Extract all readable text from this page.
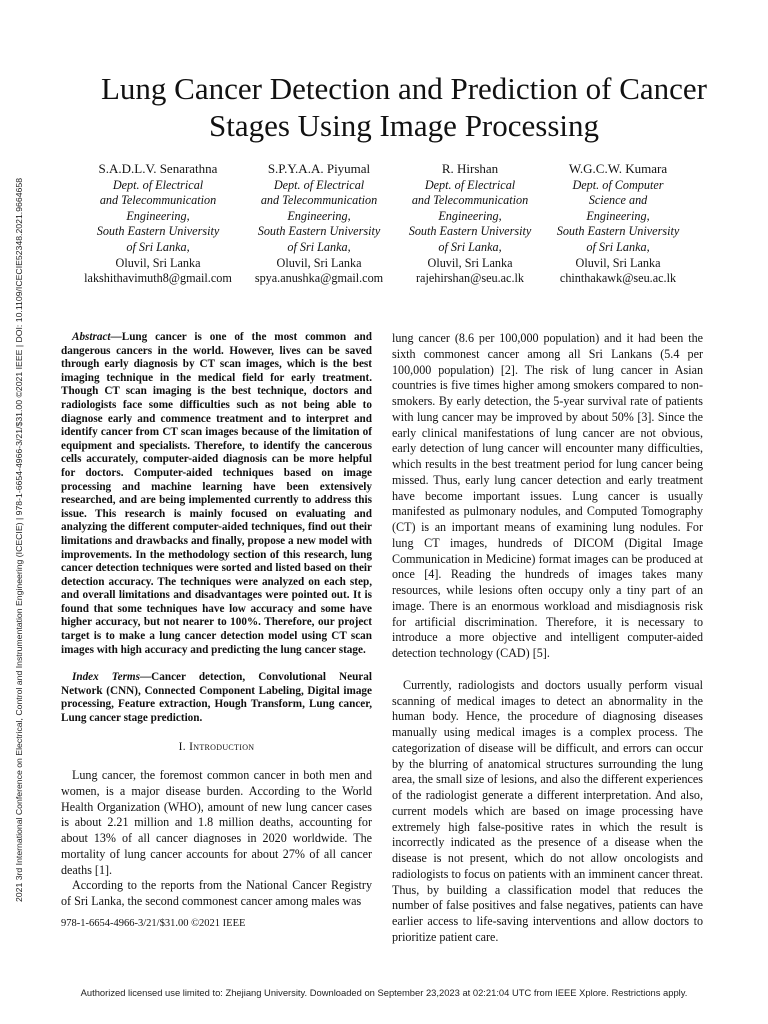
2021 3rd International Conference on Electrical, Control and Instrumentation Engineering (ICECIE) | 978-1-6654-4966-3/21/$31.00 ©2021 IEEE | DOI: 10.1109/ICECIE52348.2021.9664658
Lung Cancer Detection and Prediction of Cancer
Stages Using Image Processing
S.A.D.L.V. Senarathna
Dept. of Electrical
and Telecommunication
Engineering,
South Eastern University
of Sri Lanka,
Oluvil, Sri Lanka
lakshithavimuth8@gmail.com
S.P.Y.A.A. Piyumal
Dept. of Electrical
and Telecommunication
Engineering,
South Eastern University
of Sri Lanka,
Oluvil, Sri Lanka
spya.anushka@gmail.com
R. Hirshan
Dept. of Electrical
and Telecommunication
Engineering,
South Eastern University
of Sri Lanka,
Oluvil, Sri Lanka
rajehirshan@seu.ac.lk
W.G.C.W. Kumara
Dept. of Computer
Science and
Engineering,
South Eastern University
of Sri Lanka,
Oluvil, Sri Lanka
chinthakawk@seu.ac.lk

Abstract—Lung cancer is one of the most common and dangerous cancers in the world. However, lives can be saved through early diagnosis by CT scan images, which is the best imaging technique in the medical field for early treatment. Though CT scan imaging is the best technique, doctors and radiologists face some difficulties such as not being able to diagnose early and commence treatment and to interpret and identify cancer from CT scan images because of the limitation of equipment and specialists. Therefore, to identify the cancerous cells accurately, computer-aided diagnosis can be more helpful for doctors. Computer-aided techniques based on image processing and machine learning have been extensively researched, and are being implemented currently to address this issue. This research is mainly focused on evaluating and analyzing the different computer-aided techniques, find out their limitations and drawbacks and finally, propose a new model with improvements. In the methodology section of this research, lung cancer detection techniques were sorted and listed based on their detection accuracy. The techniques were analyzed on each step, and overall limitations and disadvantages were pointed out. It is found that some techniques have low accuracy and some have higher accuracy, but not nearer to 100%. Therefore, our project target is to make a lung cancer detection model using CT scan images with high accuracy and predicting the lung cancer stage.

Index Terms—Cancer detection, Convolutional Neural Network (CNN), Connected Component Labeling, Digital image processing, Feature extraction, Hough Transform, Lung cancer, Lung cancer stage prediction.

I. Introduction

Lung cancer, the foremost common cancer in both men and women, is a major disease burden. According to the World Health Organization (WHO), amount of new lung cancer cases is about 2.21 million and 1.8 million deaths, accounting for about 13% of all cancer diagnoses in 2020 worldwide. The mortality of lung cancer accounts for about 27% of all cancer deaths [1].

According to the reports from the National Cancer Registry of Sri Lanka, the second commonest cancer among males was

lung cancer (8.6 per 100,000 population) and it had been the sixth commonest cancer among all Sri Lankans (5.4 per 100,000 population) [2]. The risk of lung cancer in Asian countries is five times higher among smokers compared to non-smokers. By early detection, the 5-year survival rate of patients with lung cancer may be improved by about 50% [3]. Since the early clinical manifestations of lung cancer are not obvious, early detection of lung cancer will encounter many difficulties, which results in the best treatment period for lung cancer being missed. Thus, early lung cancer detection and early treatment have become important issues. Lung cancer is usually manifested as pulmonary nodules, and Computed Tomography (CT) is an important means of examining lung nodules. For lung CT images, hundreds of DICOM (Digital Image Communication in Medicine) format images can be produced at once [4]. Reading the hundreds of images takes many resources, while lesions often occupy only a tiny part of an image. There is an enormous workload and misdiagnosis risk for artificial discrimination. Therefore, it is necessary to introduce a more objective and intelligent computer-aided detection technology (CAD) [5].

Currently, radiologists and doctors usually perform visual scanning of medical images to detect an abnormality in the human body. Hence, the procedure of diagnosing diseases manually using medical images is a complex process. The categorization of disease will be difficult, and errors can occur by the blurring of anatomical structures surrounding the lung area, the small size of lesions, and also the different experiences of the radiologist generate a different interpretation. And also, current models which are based on image processing have extremely high false-positive rates in which the result is incorrectly indicated as the presence of a disease when the disease is not present, which do not allow oncologists and radiologists to focus on patients with an imminent cancer threat. Thus, by building a classification model that reduces the number of false positives and false negatives, patients can have earlier access to life-saving interventions and allow doctors to prioritize patient care.

978-1-6654-4966-3/21/$31.00 ©2021 IEEE
Authorized licensed use limited to: Zhejiang University. Downloaded on September 23,2023 at 02:21:04 UTC from IEEE Xplore. Restrictions apply.
